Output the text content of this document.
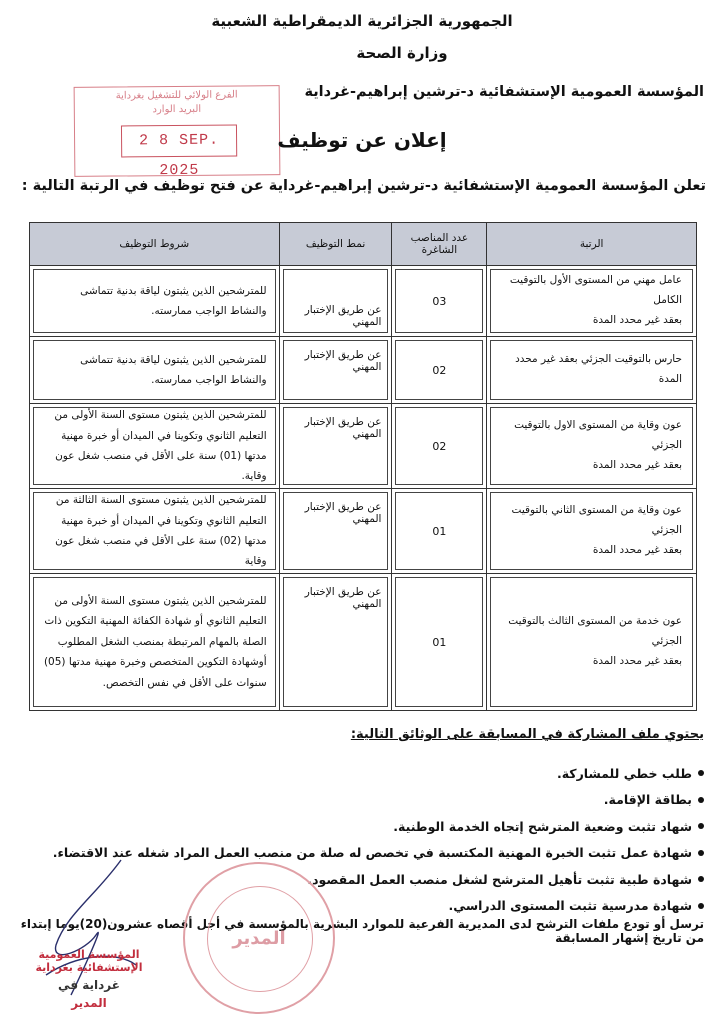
الجمهورية الجزائرية الديمقراطية الشعبية
وزارة الصحة
المؤسسة العمومية الإستشفائية د-ترشين إبراهيم-غرداية
الفرع الولائي للتشغيل بغرداية
البريد الوارد
2 8 SEP. 2025
إعلان عن توظيف
تعلن المؤسسة العمومية الإستشفائية د-ترشين إبراهيم-غرداية عن فتح توظيف في الرتبة التالية :
الرتبة	عدد المناصب الشاغرة	نمط التوظيف	شروط التوظيف

عامل مهني من المستوى الأول بالتوقيت الكامل
بعقد غير محدد المدة	03	عن طريق الإختبار المهني	للمترشحين الذين يثبتون لياقة بدنية تتماشى والنشاط الواجب ممارسته.

حارس بالتوقيت الجزئي بعقد غير محدد المدة	02	عن طريق الإختبار المهني	للمترشحين الذين يثبتون لياقة بدنية تتماشى والنشاط الواجب ممارسته.

عون وقاية من المستوى الاول بالتوقيت الجزئي
بعقد غير محدد المدة	02	عن طريق الإختبار المهني	للمترشحين الذين يثبتون مستوى السنة الأولى من التعليم الثانوي وتكوينا في الميدان أو خبرة مهنية مدتها (01) سنة على الأقل في منصب شغل عون وقاية.

عون وقاية من المستوى الثاني بالتوقيت الجزئي
بعقد غير محدد المدة	01	عن طريق الإختبار المهني	للمترشحين الذين يثبتون مستوى السنة الثالثة من التعليم الثانوي وتكوينا في الميدان أو خبرة مهنية مدتها (02) سنة على الأقل في منصب شغل عون وقاية

عون خدمة من المستوى الثالث بالتوقيت الجزئي
بعقد غير محدد المدة	01	عن طريق الإختبار المهني	للمترشحين الذين يثبتون مستوى السنة الأولى من التعليم الثانوي أو شهادة الكفائة المهنية التكوين ذات الصلة بالمهام المرتبطة بمنصب الشغل المطلوب أوشهادة التكوين المتخصص وخبرة مهنية مدتها (05) سنوات على الأقل في نفس التخصص.
يحتوي ملف المشاركة في المسابقة على الوثائق التالية:
طلب خطي للمشاركة.
بطاقة الإقامة.
شهاد تثبت وضعية المترشح إتجاه الخدمة الوطنية.
شهادة عمل تثبت الخبرة المهنية المكتسبة في تخصص له صلة من منصب العمل المراد شغله عند الاقتضاء.
شهادة طبية تثبت تأهيل المترشح لشغل منصب العمل المقصود.
شهادة مدرسية تثبت المستوى الدراسي.
ترسل أو تودع ملفات الترشح لدى المديرية الفرعية للموارد البشرية بالمؤسسة في أجل أقصاه عشرون(20)يوما إبتداء من تاريخ إشهار المسابقة
المدير
المؤسسة العمومية الإستشفائية بغرداية
غرداية في
المدير
